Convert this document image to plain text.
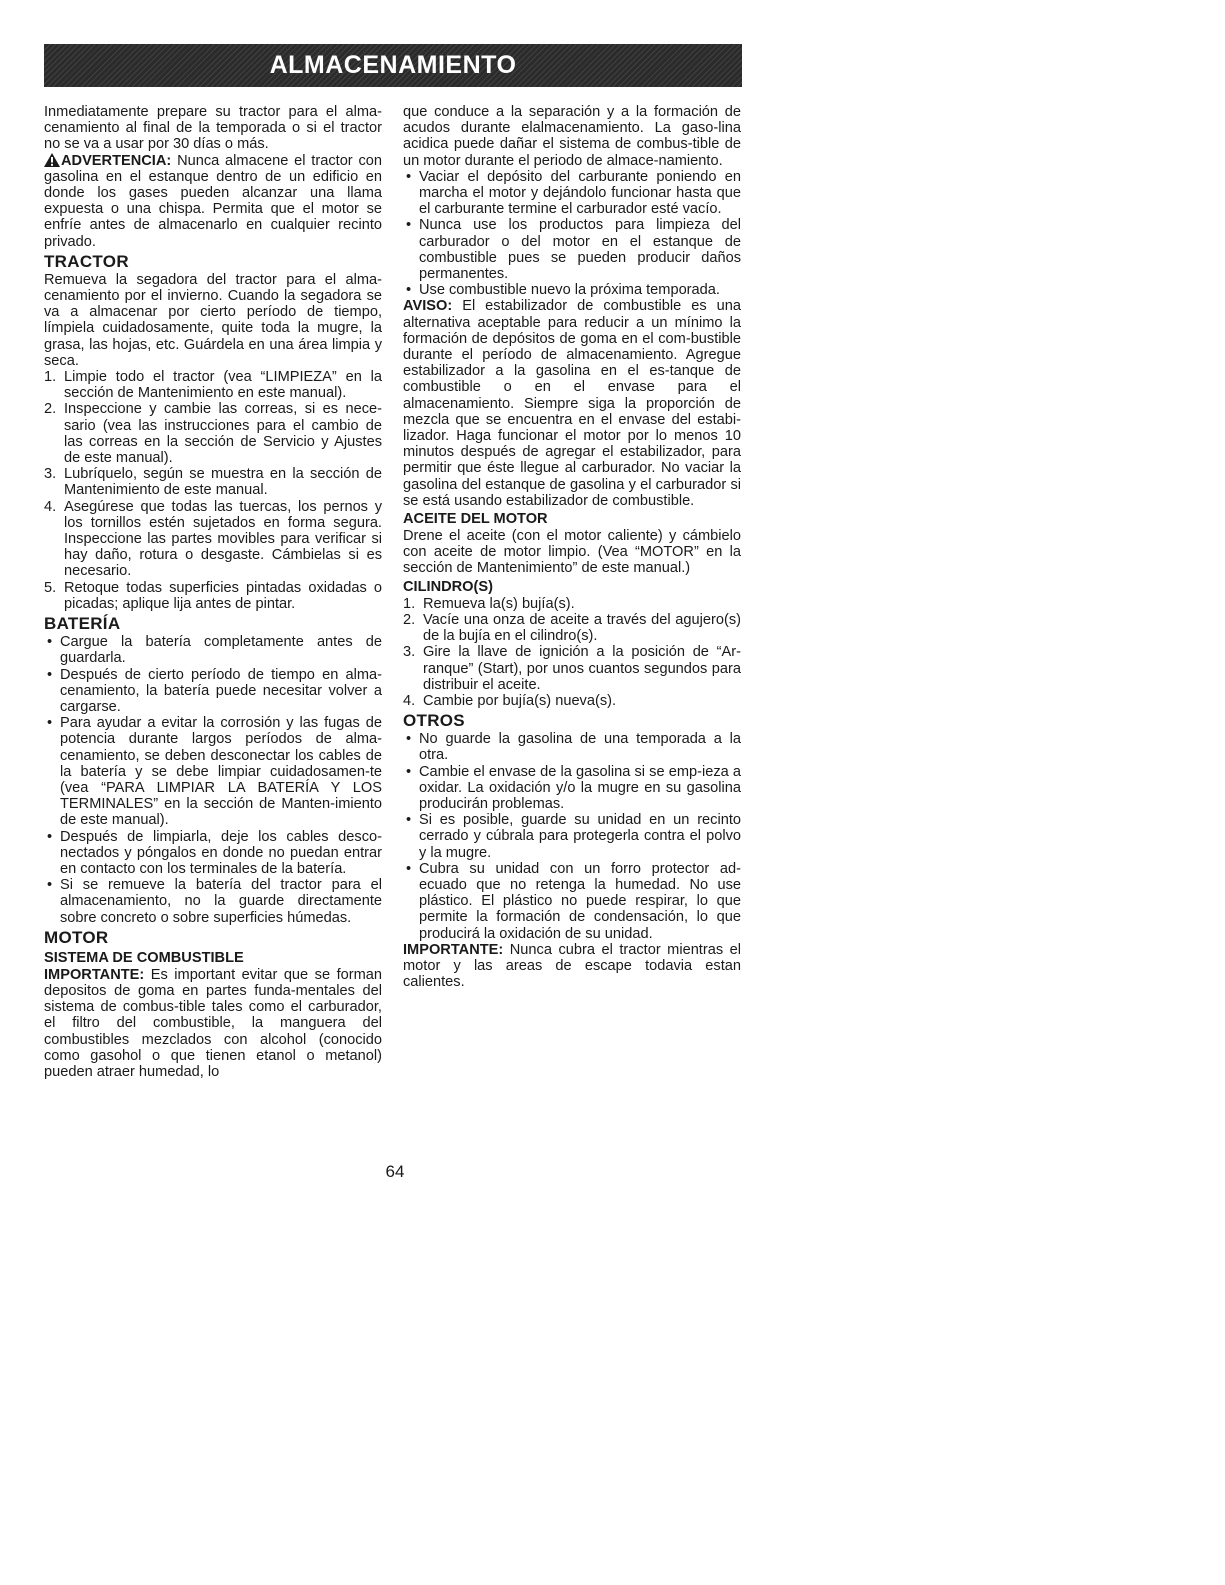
ALMACENAMIENTO

Inmediatamente prepare su tractor para el alma-cenamiento al final de la temporada o si el tractor no se va a usar por 30 días o más.

ADVERTENCIA: Nunca almacene el tractor con gasolina en el estanque dentro de un edificio en donde los gases pueden alcanzar una llama expuesta o una chispa. Permita que el motor se enfríe antes de almacenarlo en cualquier recinto privado.

TRACTOR

Remueva la segadora del tractor para el alma-cenamiento por el invierno. Cuando la segadora se va a almacenar por cierto período de tiempo, límpiela cuidadosamente, quite toda la mugre, la grasa, las hojas, etc. Guárdela en una área limpia y seca.

1. Limpie todo el tractor (vea “LIMPIEZA” en la sección de Mantenimiento en este manual).
2. Inspeccione y cambie las correas, si es nece-sario (vea las instrucciones para el cambio de las correas en la sección de Servicio y Ajustes de este manual).
3. Lubríquelo, según se muestra en la sección de Mantenimiento de este manual.
4. Asegúrese que todas las tuercas, los pernos y los tornillos estén sujetados en forma segura. Inspeccione las partes movibles para verificar si hay daño, rotura o desgaste. Cámbielas si es necesario.
5. Retoque todas superficies pintadas oxidadas o picadas; aplique lija antes de pintar.
BATERÍA
• Cargue la batería completamente antes de guardarla.
• Después de cierto período de tiempo en alma-cenamiento, la batería puede necesitar volver a cargarse.
• Para ayudar a evitar la corrosión y las fugas de potencia durante largos períodos de alma-cenamiento, se deben desconectar los cables de la batería y se debe limpiar cuidadosamen-te (vea “PARA LIMPIAR LA BATERÍA Y LOS TERMINALES” en la sección de Manten-imiento de este manual).
• Después de limpiarla, deje los cables desco-nectados y póngalos en donde no puedan entrar en contacto con los terminales de la batería.
• Si se remueve la batería del tractor para el almacenamiento, no la guarde directamente sobre concreto o sobre superficies húmedas.
MOTOR
SISTEMA DE COMBUSTIBLE

IMPORTANTE: Es important evitar que se forman depositos de goma en partes funda-mentales del sistema de combus-tible tales como el carburador, el filtro del combustible, la manguera del combustibles mezclados con alcohol (conocido como gasohol o que tienen etanol o metanol) pueden atraer humedad, lo

que conduce a la separación y a la formación de acudos durante elalmacenamiento. La gaso-lina acidica puede dañar el sistema de combus-tible de un motor durante el periodo de almace-namiento.

• Vaciar el depósito del carburante poniendo en marcha el motor y dejándolo funcionar hasta que el carburante termine el carburador esté vacío.
• Nunca use los productos para limpieza del carburador o del motor en el estanque de combustible pues se pueden producir daños permanentes.
• Use combustible nuevo la próxima temporada.

AVISO: El estabilizador de combustible es una alternativa aceptable para reducir a un mínimo la formación de depósitos de goma en el com-bustible durante el período de almacenamiento. Agregue estabilizador a la gasolina en el es-tanque de combustible o en el envase para el almacenamiento. Siempre siga la proporción de mezcla que se encuentra en el envase del estabi-lizador. Haga funcionar el motor por lo menos 10 minutos después de agregar el estabilizador, para permitir que éste llegue al carburador. No vaciar la gasolina del estanque de gasolina y el carburador si se está usando estabilizador de combustible.

ACEITE DEL MOTOR

Drene el aceite (con el motor caliente) y cámbielo con aceite de motor limpio. (Vea “MOTOR” en la sección de Mantenimiento” de este manual.)

CILINDRO(S)
1. Remueva la(s) bujía(s).
2. Vacíe una onza de aceite a través del agujero(s) de la bujía en el cilindro(s).
3. Gire la llave de ignición a la posición de “Ar-ranque” (Start), por unos cuantos segundos para distribuir el aceite.
4. Cambie por bujía(s) nueva(s).
OTROS
• No guarde la gasolina de una temporada a la otra.
• Cambie el envase de la gasolina si se emp-ieza a oxidar. La oxidación y/o la mugre en su gasolina producirán problemas.
• Si es posible, guarde su unidad en un recinto cerrado y cúbrala para protegerla contra el polvo y la mugre.
• Cubra su unidad con un forro protector ad-ecuado que no retenga la humedad. No use plástico. El plástico no puede respirar, lo que permite la formación de condensación, lo que producirá la oxidación de su unidad.

IMPORTANTE: Nunca cubra el tractor mientras el motor y las areas de escape todavia estan calientes.

64
